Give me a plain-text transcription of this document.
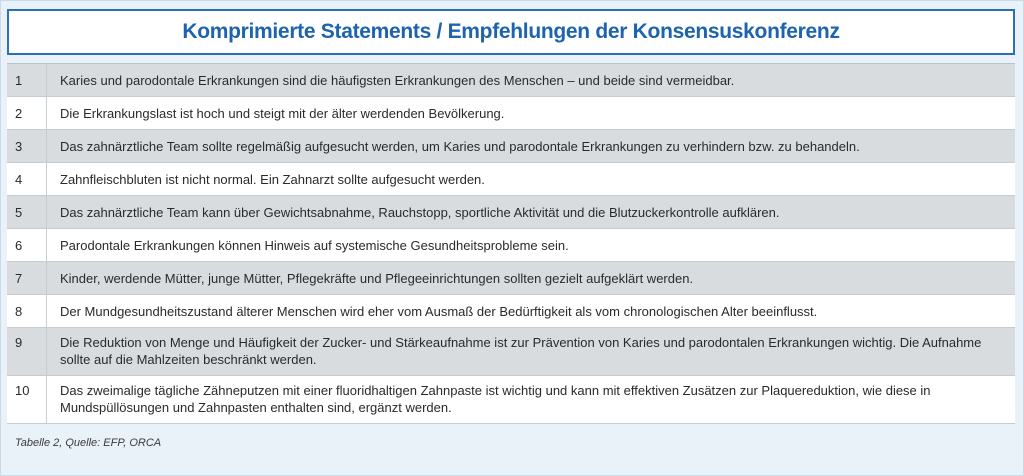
Komprimierte Statements / Empfehlungen der Konsensuskonferenz
1	Karies und parodontale Erkrankungen sind die häufigsten Erkrankungen des Menschen – und beide sind vermeidbar.
2	Die Erkrankungslast ist hoch und steigt mit der älter werdenden Bevölkerung.
3	Das zahnärztliche Team sollte regelmäßig aufgesucht werden, um Karies und parodontale Erkrankungen zu verhindern bzw. zu behandeln.
4	Zahnfleischbluten ist nicht normal. Ein Zahnarzt sollte aufgesucht werden.
5	Das zahnärztliche Team kann über Gewichtsabnahme, Rauchstopp, sportliche Aktivität und die Blutzuckerkontrolle aufklären.
6	Parodontale Erkrankungen können Hinweis auf systemische Gesundheitsprobleme sein.
7	Kinder, werdende Mütter, junge Mütter, Pflegekräfte und Pflegeeinrichtungen sollten gezielt aufgeklärt werden.
8	Der Mundgesundheitszustand älterer Menschen wird eher vom Ausmaß der Bedürftigkeit als vom chronologischen Alter beeinflusst.
9	Die Reduktion von Menge und Häufigkeit der Zucker- und Stärkeaufnahme ist zur Prävention von Karies und parodontalen Erkrankungen wichtig. Die Aufnahme sollte auf die Mahlzeiten beschränkt werden.
10	Das zweimalige tägliche Zähneputzen mit einer fluoridhaltigen Zahnpaste ist wichtig und kann mit effektiven Zusätzen zur Plaquereduktion, wie diese in Mundspüllösungen und Zahnpasten enthalten sind, ergänzt werden.
Tabelle 2, Quelle: EFP, ORCA
